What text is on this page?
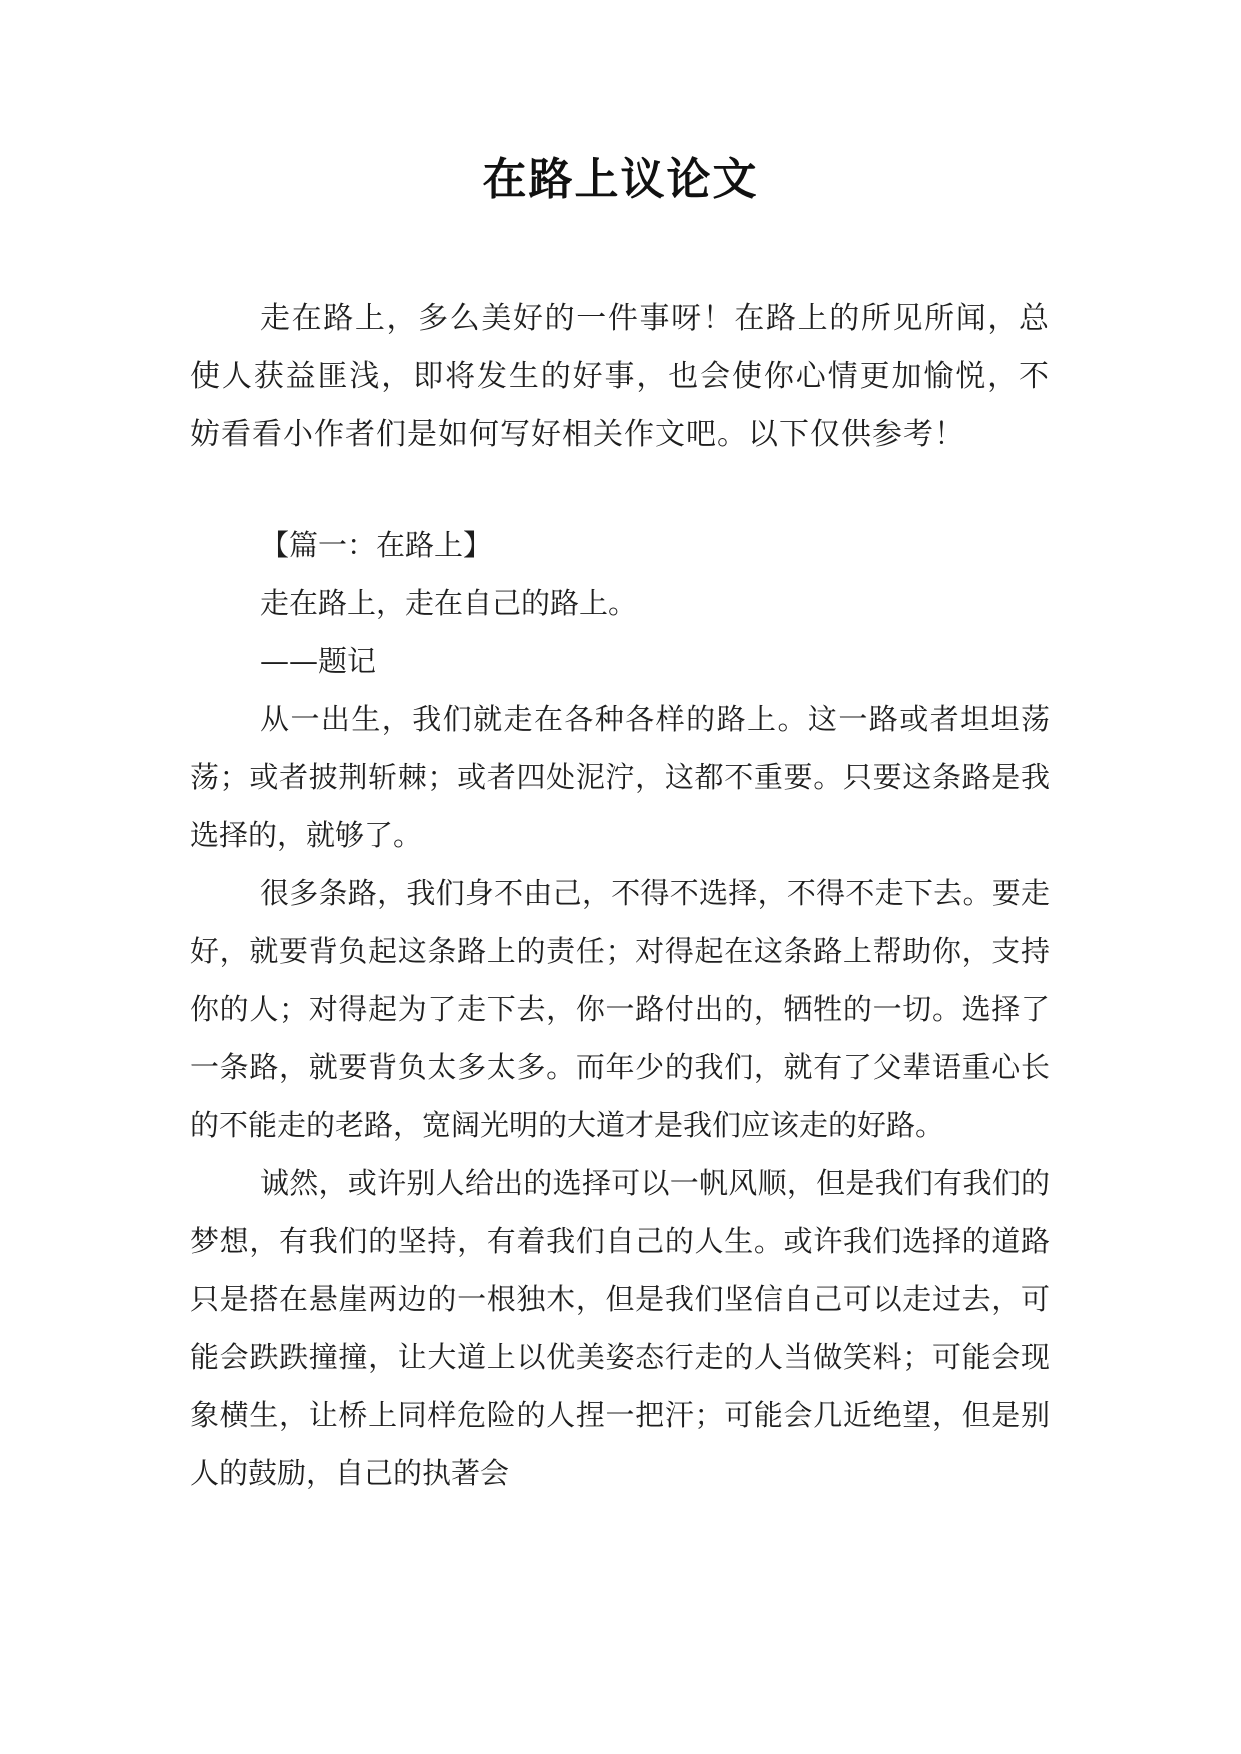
在路上议论文

走在路上，多么美好的一件事呀！在路上的所见所闻，总使人获益匪浅，即将发生的好事，也会使你心情更加愉悦，不妨看看小作者们是如何写好相关作文吧。以下仅供参考！

【篇一：在路上】

走在路上，走在自己的路上。

——题记

从一出生，我们就走在各种各样的路上。这一路或者坦坦荡荡；或者披荆斩棘；或者四处泥泞，这都不重要。只要这条路是我选择的，就够了。

很多条路，我们身不由己，不得不选择，不得不走下去。要走好，就要背负起这条路上的责任；对得起在这条路上帮助你，支持你的人；对得起为了走下去，你一路付出的，牺牲的一切。选择了一条路，就要背负太多太多。而年少的我们，就有了父辈语重心长的不能走的老路，宽阔光明的大道才是我们应该走的好路。

诚然，或许别人给出的选择可以一帆风顺，但是我们有我们的梦想，有我们的坚持，有着我们自己的人生。或许我们选择的道路只是搭在悬崖两边的一根独木，但是我们坚信自己可以走过去，可能会跌跌撞撞，让大道上以优美姿态行走的人当做笑料；可能会现象横生，让桥上同样危险的人捏一把汗；可能会几近绝望，但是别人的鼓励，自己的执著会
